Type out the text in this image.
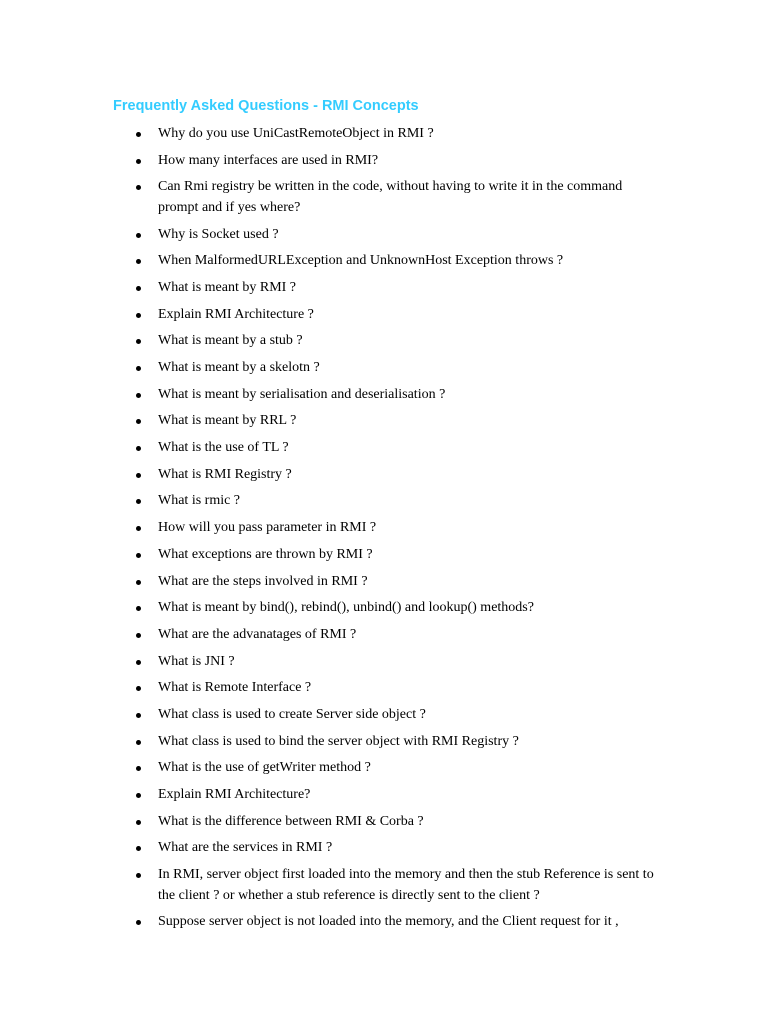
Frequently Asked Questions - RMI Concepts
Why do you use UniCastRemoteObject in RMI ?
How many interfaces are used in RMI?
Can Rmi registry be written in the code, without having to write it in the command prompt and if yes where?
Why is Socket used ?
When MalformedURLException and UnknownHost Exception throws ?
What is meant by RMI ?
Explain RMI Architecture ?
What is meant by a stub ?
What is meant by a skelotn ?
What is meant by serialisation and deserialisation ?
What is meant by RRL ?
What is the use of TL ?
What is RMI Registry ?
What is rmic ?
How will you pass parameter in RMI ?
What exceptions are thrown by RMI ?
What are the steps involved in RMI ?
What is meant by bind(), rebind(), unbind() and lookup() methods?
What are the advanatages of RMI ?
What is JNI ?
What is Remote Interface ?
What class is used to create Server side object ?
What class is used to bind the server object with RMI Registry ?
What is the use of getWriter method ?
Explain RMI Architecture?
What is the difference between RMI & Corba ?
What are the services in RMI ?
In RMI, server object first loaded into the memory and then the stub Reference is sent to the client ? or whether a stub reference is directly sent to the client ?
Suppose server object is not loaded into the memory, and the Client request for it ,
